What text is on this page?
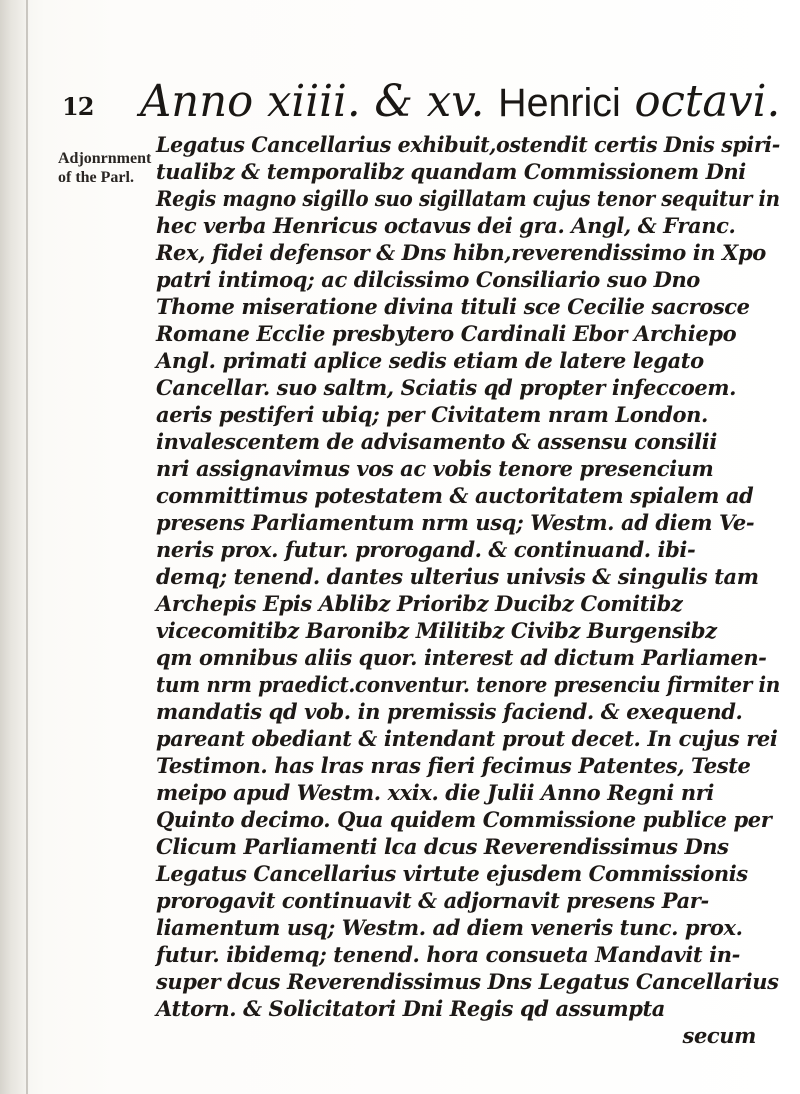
12 Anno xiiii. & xv. Henrici octavi.
Adjonrnment
of the Parl.
Legatus Cancellarius exhibuit,ostendit certis Dnis spiri-
tualibz & temporalibz quandam Commissionem Dni
Regis magno sigillo suo sigillatam cujus tenor sequitur in
hec verba Henricus octavus dei gra. Angl, & Franc.
Rex, fidei defensor & Dns hibn,reverendissimo in Xpo
patri intimoq; ac dilcissimo Consiliario suo Dno
Thome miseratione divina tituli sce Cecilie sacrosce
Romane Ecclie presbytero Cardinali Ebor Archiepo
Angl. primati aplice sedis etiam de latere legato
Cancellar. suo saltm, Sciatis qd propter infeccoem.
aeris pestiferi ubiq; per Civitatem nram London.
invalescentem de advisamento & assensu consilii
nri assignavimus vos ac vobis tenore presencium
committimus potestatem & auctoritatem spialem ad
presens Parliamentum nrm usq; Westm. ad diem Ve-
neris prox. futur. prorogand. & continuand. ibi-
demq; tenend. dantes ulterius univsis & singulis tam
Archepis Epis Ablibz Prioribz Ducibz Comitibz
vicecomitibz Baronibz Militibz Civibz Burgensibz
qm omnibus aliis quor. interest ad dictum Parliamen-
tum nrm praedict.conventur. tenore presenciu firmiter in
mandatis qd vob. in premissis faciend. & exequend.
pareant obediant & intendant prout decet. In cujus rei
Testimon. has lras nras fieri fecimus Patentes, Teste
meipo apud Westm. xxix. die Julii Anno Regni nri
Quinto decimo. Qua quidem Commissione publice per
Clicum Parliamenti lca dcus Reverendissimus Dns
Legatus Cancellarius virtute ejusdem Commissionis
prorogavit continuavit & adjornavit presens Par-
liamentum usq; Westm. ad diem veneris tunc. prox.
futur. ibidemq; tenend. hora consueta Mandavit in-
super dcus Reverendissimus Dns Legatus Cancellarius
Attorn. & Solicitatori Dni Regis qd assumpta
secum
